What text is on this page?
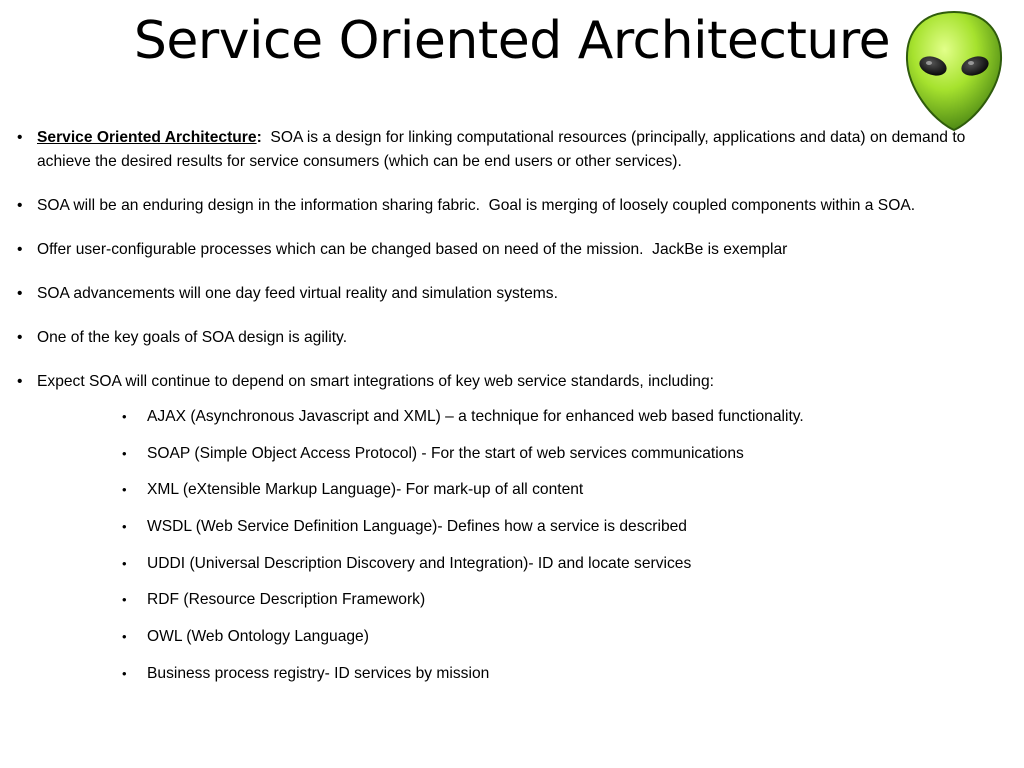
Service Oriented Architecture
• Service Oriented Architecture:  SOA is a design for linking computational resources (principally, applications and data) on demand to achieve the desired results for service consumers (which can be end users or other services).
• SOA will be an enduring design in the information sharing fabric.  Goal is merging of loosely coupled components within a SOA.
• Offer user-configurable processes which can be changed based on need of the mission.  JackBe is exemplar
• SOA advancements will one day feed virtual reality and simulation systems.
• One of the key goals of SOA design is agility.
• Expect SOA will continue to depend on smart integrations of key web service standards, including:
• AJAX (Asynchronous Javascript and XML) – a technique for enhanced web based functionality.
• SOAP (Simple Object Access Protocol) - For the start of web services communications
• XML (eXtensible Markup Language)- For mark-up of all content
• WSDL (Web Service Definition Language)- Defines how a service is described
• UDDI (Universal Description Discovery and Integration)- ID and locate services
• RDF (Resource Description Framework)
• OWL (Web Ontology Language)
• Business process registry- ID services by mission
